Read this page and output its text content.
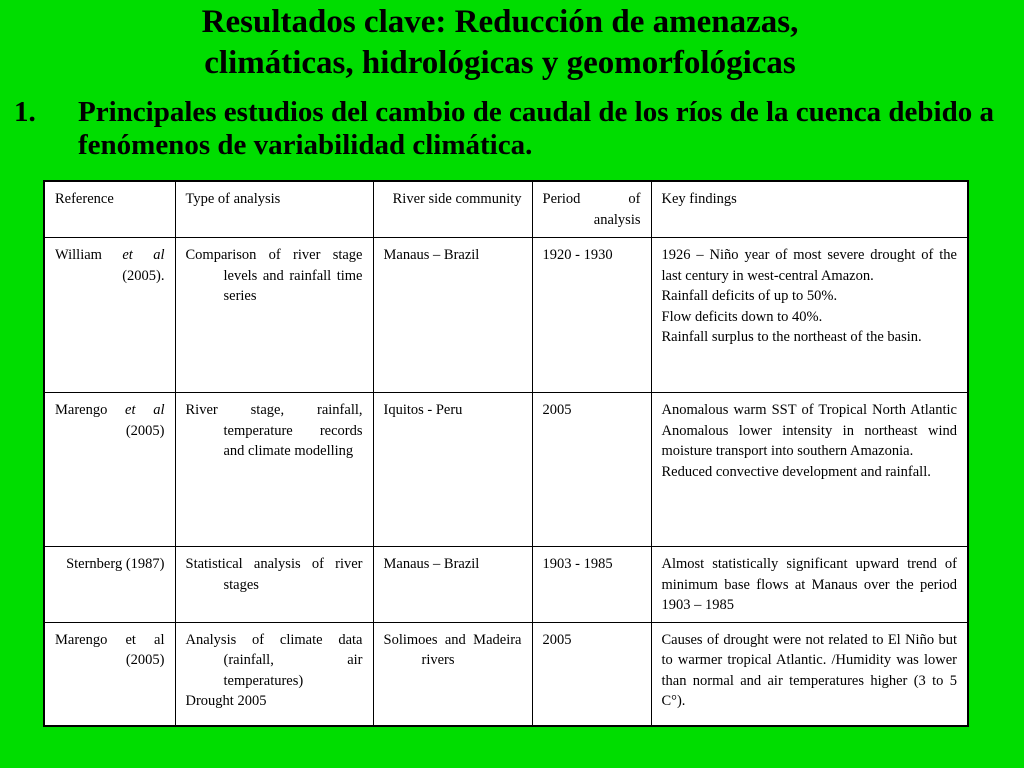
Resultados clave: Reducción de amenazas,
climáticas, hidrológicas y geomorfológicas
1. Principales estudios del cambio de caudal de los ríos de la cuenca debido a fenómenos de variabilidad climática.
Reference	Type of analysis	River side community	Period of analysis	Key findings

William et al (2005).	Comparison of river stage levels and rainfall time series	Manaus – Brazil	1920 - 1930	1926 – Niño year of most severe drought of the last century in west-central Amazon.
Rainfall deficits of up to 50%.
Flow deficits down to 40%.
Rainfall surplus to the northeast of the basin.

Marengo et al (2005)	River stage, rainfall, temperature records and climate modelling	Iquitos - Peru	2005	Anomalous warm SST of Tropical North Atlantic Anomalous lower intensity in northeast wind moisture transport into southern Amazonia.
Reduced convective development and rainfall.

Sternberg (1987)	Statistical analysis of river stages	Manaus – Brazil	1903 - 1985	Almost statistically significant upward trend of minimum base flows at Manaus over the period 1903 – 1985

Marengo et al (2005)	Analysis of climate data (rainfall, air temperatures)
Drought 2005	Solimoes and Madeira rivers	2005	Causes of drought were not related to El Niño but to warmer tropical Atlantic. /Humidity was lower than normal and air temperatures higher (3 to 5 C°).
